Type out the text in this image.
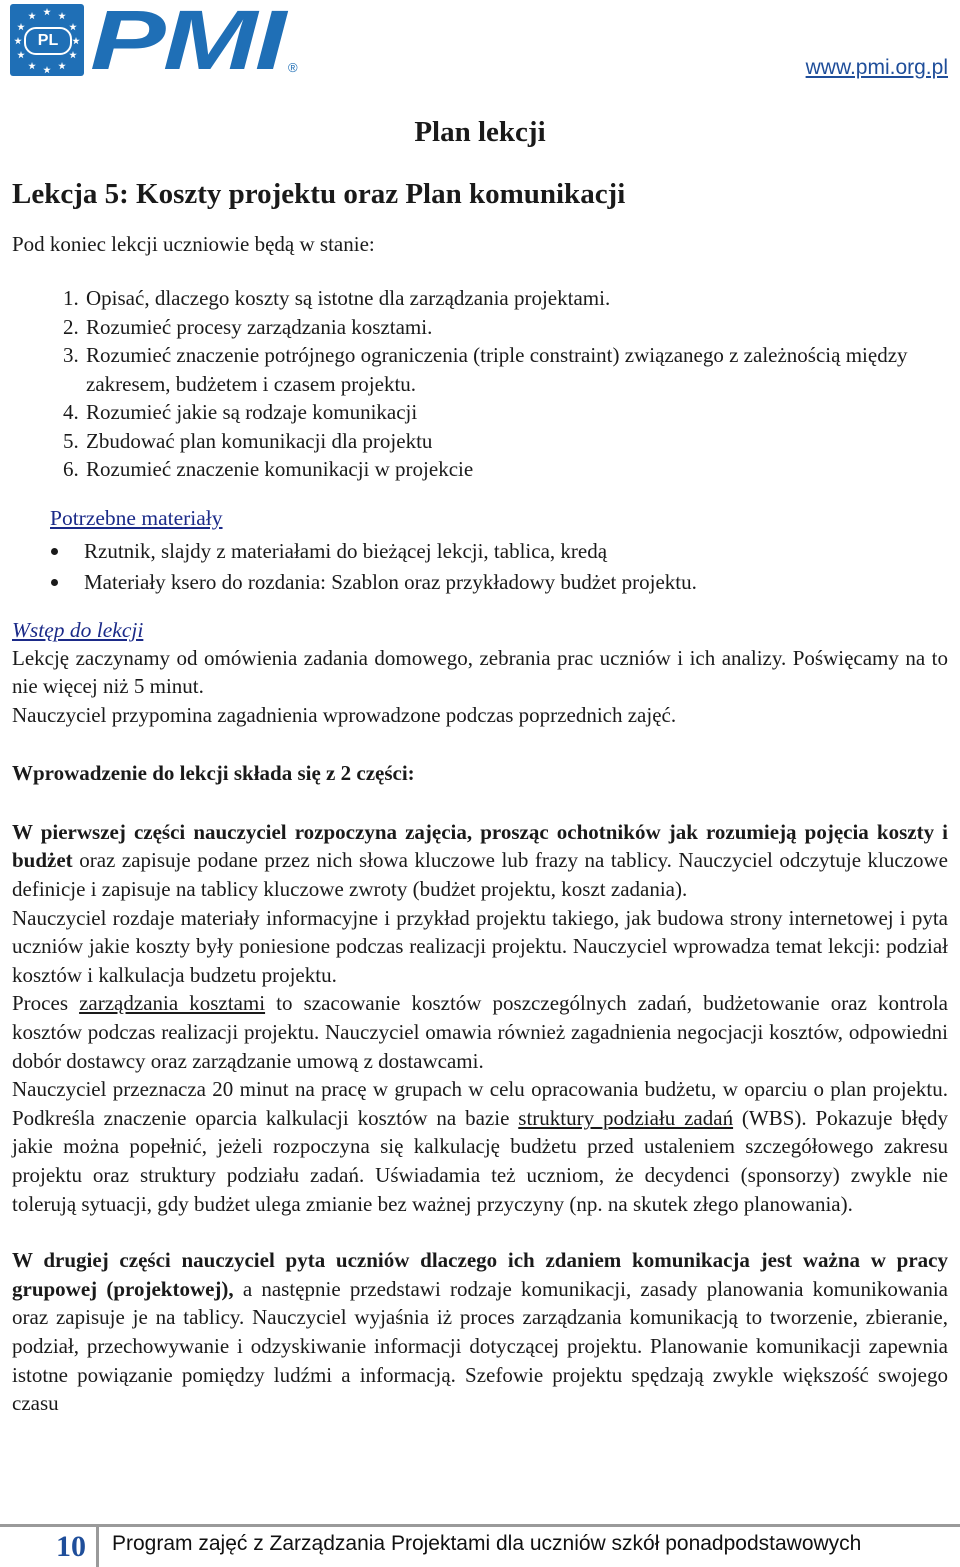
PL PMI ®	www.pmi.org.pl
Plan lekcji
Lekcja 5: Koszty projektu oraz Plan komunikacji

Pod koniec lekcji uczniowie będą w stanie:

1. Opisać, dlaczego koszty są istotne dla zarządzania projektami.
2. Rozumieć procesy zarządzania kosztami.
3. Rozumieć znaczenie potrójnego ograniczenia (triple constraint) związanego z zależnością między zakresem, budżetem i czasem projektu.
4. Rozumieć jakie są rodzaje komunikacji
5. Zbudować plan komunikacji dla projektu
6. Rozumieć znaczenie komunikacji w projekcie
Potrzebne materiały
Rzutnik, slajdy z materiałami do bieżącej lekcji, tablica, kredą
Materiały ksero do rozdania: Szablon oraz przykładowy budżet projektu.
Wstęp do lekcji

Lekcję zaczynamy od omówienia zadania domowego, zebrania prac uczniów i ich analizy. Poświęcamy na to nie więcej niż 5 minut.

Nauczyciel przypomina zagadnienia wprowadzone podczas poprzednich zajęć.

Wprowadzenie do lekcji składa się z 2 części:

W pierwszej części nauczyciel rozpoczyna zajęcia, prosząc ochotników jak rozumieją pojęcia koszty i budżet oraz zapisuje podane przez nich słowa kluczowe lub frazy na tablicy. Nauczyciel odczytuje kluczowe definicje i zapisuje na tablicy kluczowe zwroty (budżet projektu, koszt zadania).

Nauczyciel rozdaje materiały informacyjne i przykład projektu takiego, jak budowa strony internetowej i pyta uczniów jakie koszty były poniesione podczas realizacji projektu. Nauczyciel wprowadza temat lekcji: podział kosztów i kalkulacja budzetu projektu.

Proces zarządzania kosztami to szacowanie kosztów poszczególnych zadań, budżetowanie oraz kontrola kosztów podczas realizacji projektu. Nauczyciel omawia również zagadnienia negocjacji kosztów, odpowiedni dobór dostawcy oraz zarządzanie umową z dostawcami.

Nauczyciel przeznacza 20 minut na pracę w grupach w celu opracowania budżetu, w oparciu o plan projektu. Podkreśla znaczenie oparcia kalkulacji kosztów na bazie struktury podziału zadań (WBS). Pokazuje błędy jakie można popełnić, jeżeli rozpoczyna się kalkulację budżetu przed ustaleniem szczegółowego zakresu projektu oraz struktury podziału zadań. Uświadamia też uczniom, że decydenci (sponsorzy) zwykle nie tolerują sytuacji, gdy budżet ulega zmianie bez ważnej przyczyny (np. na skutek złego planowania).

W drugiej części nauczyciel pyta uczniów dlaczego ich zdaniem komunikacja jest ważna w pracy grupowej (projektowej), a następnie przedstawi rodzaje komunikacji, zasady planowania komunikowania oraz zapisuje je na tablicy. Nauczyciel wyjaśnia iż proces zarządzania komunikacją to tworzenie, zbieranie, podział, przechowywanie i odzyskiwanie informacji dotyczącej projektu. Planowanie komunikacji zapewnia istotne powiązanie pomiędzy ludźmi a informacją. Szefowie projektu spędzają zwykle większość swojego czasu

10 Program zajęć z Zarządzania Projektami dla uczniów szkół ponadpodstawowych
